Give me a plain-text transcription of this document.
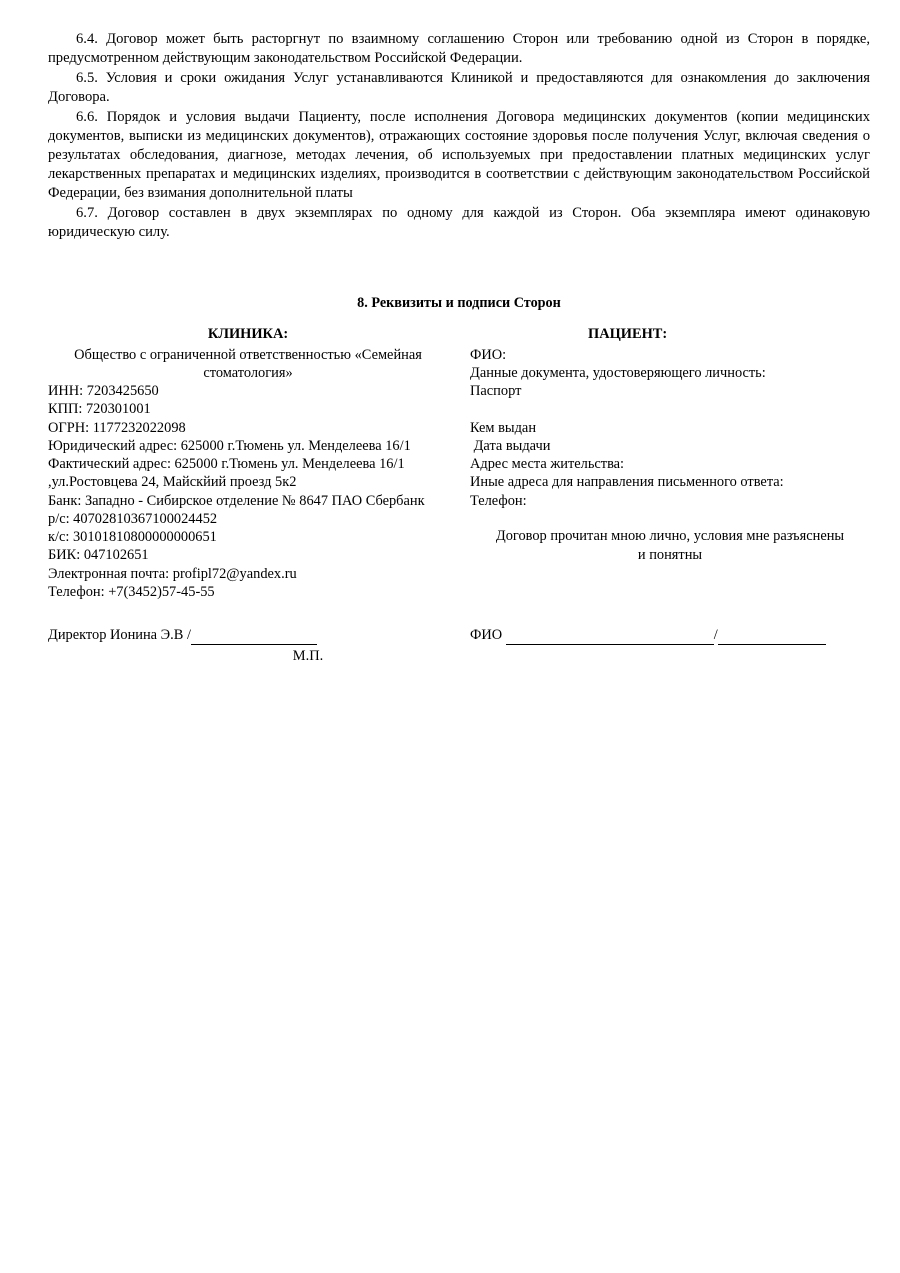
6.4. Договор может быть расторгнут по взаимному соглашению Сторон или требованию одной из Сторон в порядке, предусмотренном действующим законодательством Российской Федерации.

6.5. Условия и сроки ожидания Услуг устанавливаются Клиникой и предоставляются для ознакомления до заключения Договора.

6.6. Порядок и условия выдачи Пациенту, после исполнения Договора медицинских документов (копии медицинских документов, выписки из медицинских документов), отражающих состояние здоровья после получения Услуг, включая сведения о результатах обследования, диагнозе, методах лечения, об используемых при предоставлении платных медицинских услуг лекарственных препаратах и медицинских изделиях, производится в соответствии с действующим законодательством Российской Федерации, без взимания дополнительной платы

6.7. Договор составлен в двух экземплярах по одному для каждой из Сторон. Оба экземпляра имеют одинаковую юридическую силу.

8. Реквизиты и подписи Сторон
КЛИНИКА:
Общество с ограниченной ответственностью «Семейная
стоматология»
ИНН: 7203425650
КПП: 720301001
ОГРН: 1177232022098
Юридический адрес: 625000 г.Тюмень ул. Менделеева 16/1
Фактический адрес: 625000 г.Тюмень ул. Менделеева 16/1
,ул.Ростовцева 24, Майскйий проезд 5к2
Банк: Западно - Сибирское отделение № 8647 ПАО Сбербанк
р/с: 40702810367100024452
к/с: 30101810800000000651
БИК: 047102651
Электронная почта: profipl72@yandex.ru
Телефон: +7(3452)57-45-55
ПАЦИЕНТ:
ФИО:
Данные документа, удостоверяющего личность:
Паспорт
Кем выдан
Дата выдачи
Адрес места жительства:
Иные адреса для направления письменного ответа:
Телефон:
Договор прочитан мною лично, условия мне разъяснены
и понятны
Директор Ионина Э.В /	ФИО	/
М.П.
